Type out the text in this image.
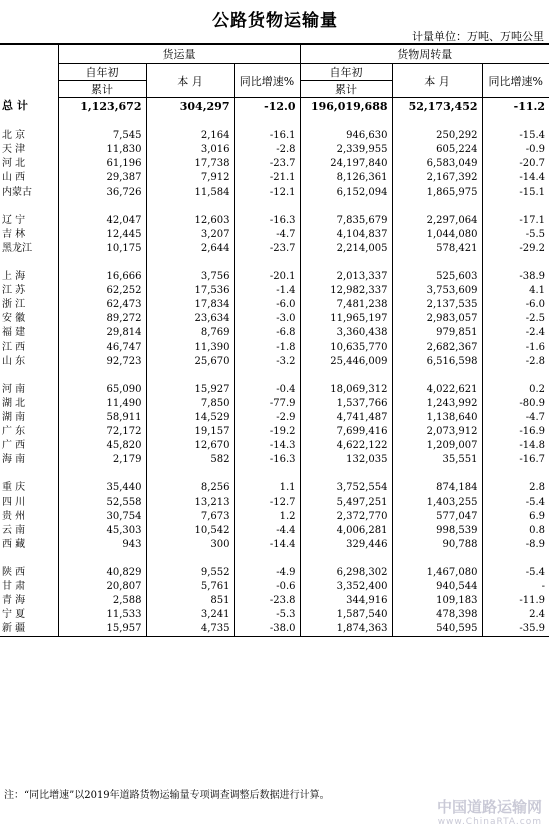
公路货物运输量
计量单位：万吨、万吨公里
	货运量			货物周转量		
	自年初	本 月	同比增速%	自年初	本 月	同比增速%
	累计			累计		
总 计	1,123,672	304,297	-12.0	196,019,688	52,173,452	-11.2

北 京	7,545	2,164	-16.1	946,630	250,292	-15.4
天 津	11,830	3,016	-2.8	2,339,955	605,224	-0.9
河 北	61,196	17,738	-23.7	24,197,840	6,583,049	-20.7
山 西	29,387	7,912	-21.1	8,126,361	2,167,392	-14.4
内蒙古	36,726	11,584	-12.1	6,152,094	1,865,975	-15.1

辽 宁	42,047	12,603	-16.3	7,835,679	2,297,064	-17.1
吉 林	12,445	3,207	-4.7	4,104,837	1,044,080	-5.5
黑龙江	10,175	2,644	-23.7	2,214,005	578,421	-29.2

上 海	16,666	3,756	-20.1	2,013,337	525,603	-38.9
江 苏	62,252	17,536	-1.4	12,982,337	3,753,609	4.1
浙 江	62,473	17,834	-6.0	7,481,238	2,137,535	-6.0
安 徽	89,272	23,634	-3.0	11,965,197	2,983,057	-2.5
福 建	29,814	8,769	-6.8	3,360,438	979,851	-2.4
江 西	46,747	11,390	-1.8	10,635,770	2,682,367	-1.6
山 东	92,723	25,670	-3.2	25,446,009	6,516,598	-2.8

河 南	65,090	15,927	-0.4	18,069,312	4,022,621	0.2
湖 北	11,490	7,850	-77.9	1,537,766	1,243,992	-80.9
湖 南	58,911	14,529	-2.9	4,741,487	1,138,640	-4.7
广 东	72,172	19,157	-19.2	7,699,416	2,073,912	-16.9
广 西	45,820	12,670	-14.3	4,622,122	1,209,007	-14.8
海 南	2,179	582	-16.3	132,035	35,551	-16.7

重 庆	35,440	8,256	1.1	3,752,554	874,184	2.8
四 川	52,558	13,213	-12.7	5,497,251	1,403,255	-5.4
贵 州	30,754	7,673	1.2	2,372,770	577,047	6.9
云 南	45,303	10,542	-4.4	4,006,281	998,539	0.8
西 藏	943	300	-14.4	329,446	90,788	-8.9

陕 西	40,829	9,552	-4.9	6,298,302	1,467,080	-5.4
甘 肃	20,807	5,761	-0.6	3,352,400	940,544	-
青 海	2,588	851	-23.8	344,916	109,183	-11.9
宁 夏	11,533	3,241	-5.3	1,587,540	478,398	2.4
新 疆	15,957	4,735	-38.0	1,874,363	540,595	-35.9
注：“同比增速”以2019年道路货物运输量专项调查调整后数据进行计算。
中国道路运输网
www.ChinaRTA.com
